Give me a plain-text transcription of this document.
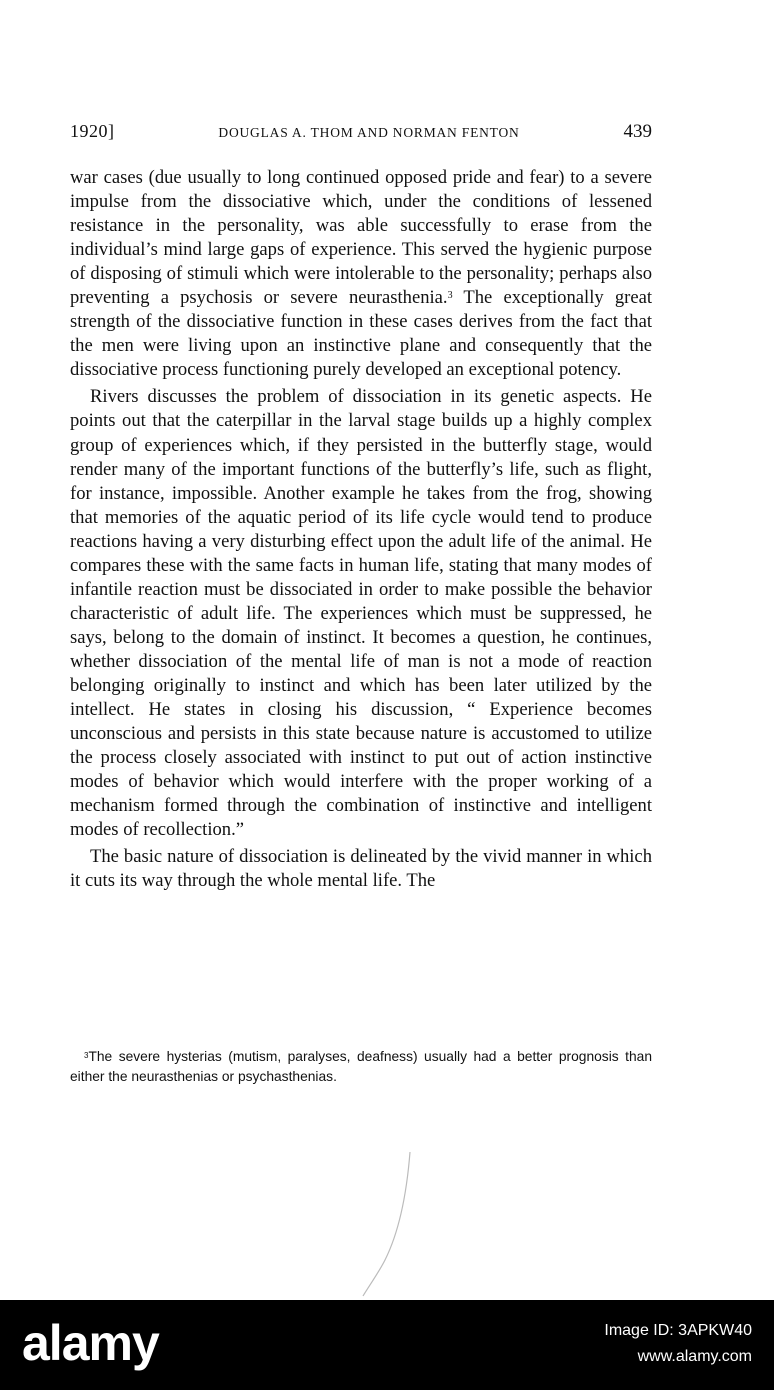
1920]	DOUGLAS A. THOM AND NORMAN FENTON	439

war cases (due usually to long continued opposed pride and fear) to a severe impulse from the dissociative which, under the conditions of lessened resistance in the personality, was able successfully to erase from the individual’s mind large gaps of experience. This served the hygienic purpose of disposing of stimuli which were intolerable to the personality; perhaps also preventing a psychosis or severe neurasthenia.$^3$ The exceptionally great strength of the dissociative function in these cases derives from the fact that the men were living upon an instinctive plane and consequently that the dissociative process functioning purely developed an exceptional potency.

Rivers discusses the problem of dissociation in its genetic aspects. He points out that the caterpillar in the larval stage builds up a highly complex group of experiences which, if they persisted in the butterfly stage, would render many of the important functions of the butterfly’s life, such as flight, for instance, impossible. Another example he takes from the frog, showing that memories of the aquatic period of its life cycle would tend to produce reactions having a very disturbing effect upon the adult life of the animal. He compares these with the same facts in human life, stating that many modes of infantile reaction must be dissociated in order to make possible the behavior characteristic of adult life. The experiences which must be suppressed, he says, belong to the domain of instinct. It becomes a question, he continues, whether dissociation of the mental life of man is not a mode of reaction belonging originally to instinct and which has been later utilized by the intellect. He states in closing his discussion, “ Experience becomes unconscious and persists in this state because nature is accustomed to utilize the process closely associated with instinct to put out of action instinctive modes of behavior which would interfere with the proper working of a mechanism formed through the combination of instinctive and intelligent modes of recollection.”

The basic nature of dissociation is delineated by the vivid manner in which it cuts its way through the whole mental life. The

$^3$The severe hysterias (mutism, paralyses, deafness) usually had a better prognosis than either the neurasthenias or psychasthenias.
alamy	Image ID: 3APKW40
www.alamy.com
